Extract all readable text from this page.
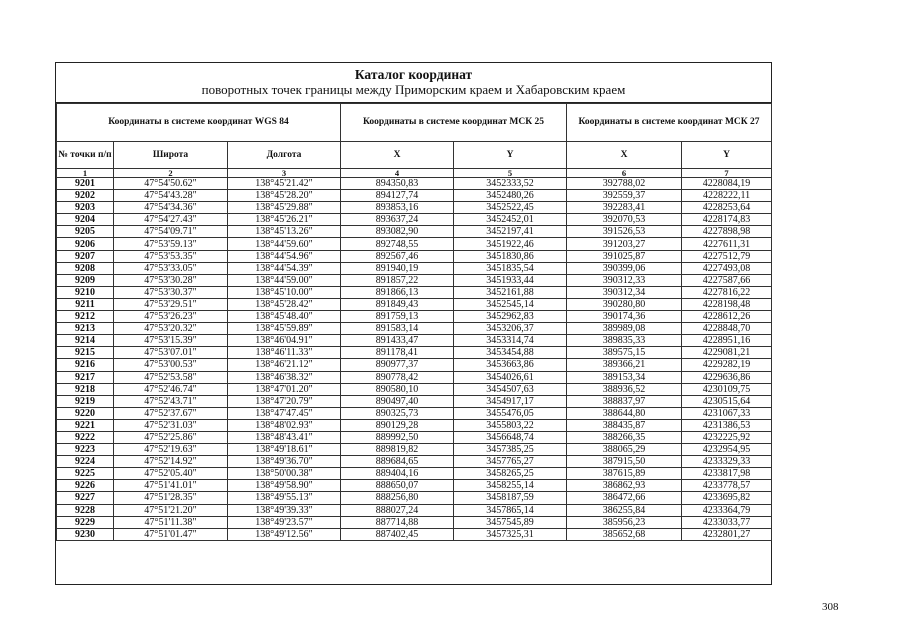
Каталог координат
поворотных точек границы между Приморским краем и Хабаровским краем
Координаты в системе координат WGS 84			Координаты в системе координат МСК 25		Координаты в системе координат МСК 27	
№ точки п/п	Широта	Долгота	X	Y	X	Y
1	2	3	4	5	6	7
9201	47°54'50.62"	138°45'21.42"	894350,83	3452333,52	392788,02	4228084,19
9202	47°54'43.28"	138°45'28.20"	894127,74	3452480,26	392559,37	4228222,11
9203	47°54'34.36"	138°45'29.88"	893853,16	3452522,45	392283,41	4228253,64
9204	47°54'27.43"	138°45'26.21"	893637,24	3452452,01	392070,53	4228174,83
9205	47°54'09.71"	138°45'13.26"	893082,90	3452197,41	391526,53	4227898,98
9206	47°53'59.13"	138°44'59.60"	892748,55	3451922,46	391203,27	4227611,31
9207	47°53'53.35"	138°44'54.96"	892567,46	3451830,86	391025,87	4227512,79
9208	47°53'33.05"	138°44'54.39"	891940,19	3451835,54	390399,06	4227493,08
9209	47°53'30.28"	138°44'59.00"	891857,22	3451933,44	390312,33	4227587,66
9210	47°53'30.37"	138°45'10.00"	891866,13	3452161,88	390312,34	4227816,22
9211	47°53'29.51"	138°45'28.42"	891849,43	3452545,14	390280,80	4228198,48
9212	47°53'26.23"	138°45'48.40"	891759,13	3452962,83	390174,36	4228612,26
9213	47°53'20.32"	138°45'59.89"	891583,14	3453206,37	389989,08	4228848,70
9214	47°53'15.39"	138°46'04.91"	891433,47	3453314,74	389835,33	4228951,16
9215	47°53'07.01"	138°46'11.33"	891178,41	3453454,88	389575,15	4229081,21
9216	47°53'00.53"	138°46'21.12"	890977,37	3453663,86	389366,21	4229282,19
9217	47°52'53.58"	138°46'38.32"	890778,42	3454026,61	389153,34	4229636,86
9218	47°52'46.74"	138°47'01.20"	890580,10	3454507,63	388936,52	4230109,75
9219	47°52'43.71"	138°47'20.79"	890497,40	3454917,17	388837,97	4230515,64
9220	47°52'37.67"	138°47'47.45"	890325,73	3455476,05	388644,80	4231067,33
9221	47°52'31.03"	138°48'02.93"	890129,28	3455803,22	388435,87	4231386,53
9222	47°52'25.86"	138°48'43.41"	889992,50	3456648,74	388266,35	4232225,92
9223	47°52'19.63"	138°49'18.61"	889819,82	3457385,25	388065,29	4232954,95
9224	47°52'14.92"	138°49'36.70"	889684,65	3457765,27	387915,50	4233329,33
9225	47°52'05.40"	138°50'00.38"	889404,16	3458265,25	387615,89	4233817,98
9226	47°51'41.01"	138°49'58.90"	888650,07	3458255,14	386862,93	4233778,57
9227	47°51'28.35"	138°49'55.13"	888256,80	3458187,59	386472,66	4233695,82
9228	47°51'21.20"	138°49'39.33"	888027,24	3457865,14	386255,84	4233364,79
9229	47°51'11.38"	138°49'23.57"	887714,88	3457545,89	385956,23	4233033,77
9230	47°51'01.47"	138°49'12.56"	887402,45	3457325,31	385652,68	4232801,27
308
